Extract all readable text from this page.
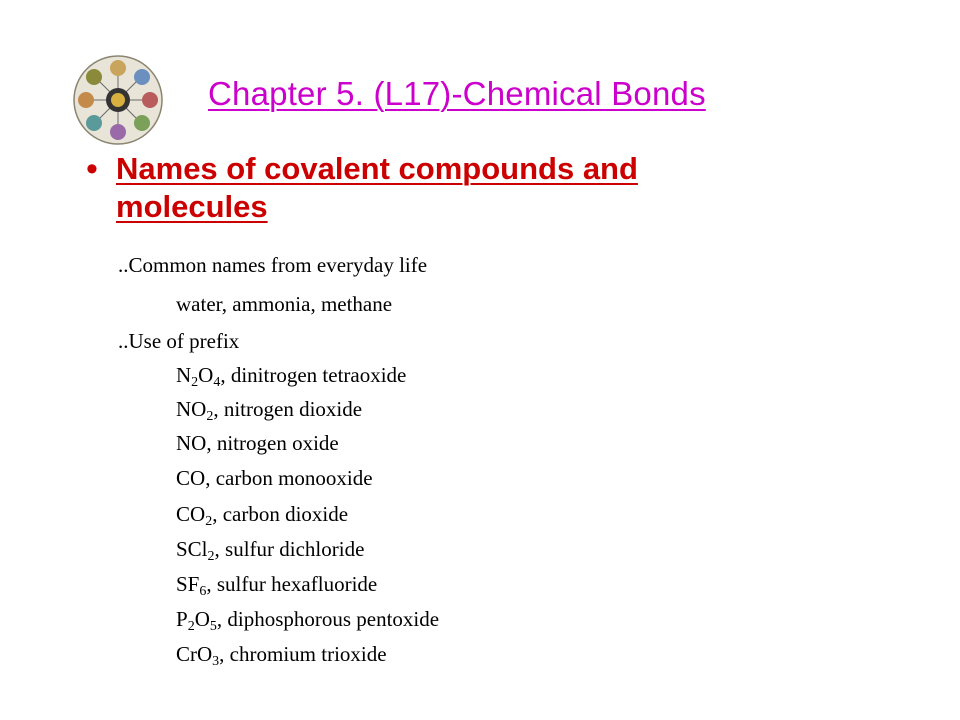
Chapter 5. (L17)-Chemical Bonds
• Names of covalent compounds and molecules
..Common names from everyday life
water, ammonia, methane
..Use of prefix
$N_2O_4$, dinitrogen tetraoxide
$NO_2$, nitrogen dioxide
NO, nitrogen oxide
CO, carbon monooxide
$CO_2$, carbon dioxide
SCl$_2$, sulfur dichloride
$SF_6$, sulfur hexafluoride
$P_2O_5$, diphosphorous pentoxide
CrO$_3$, chromium trioxide
